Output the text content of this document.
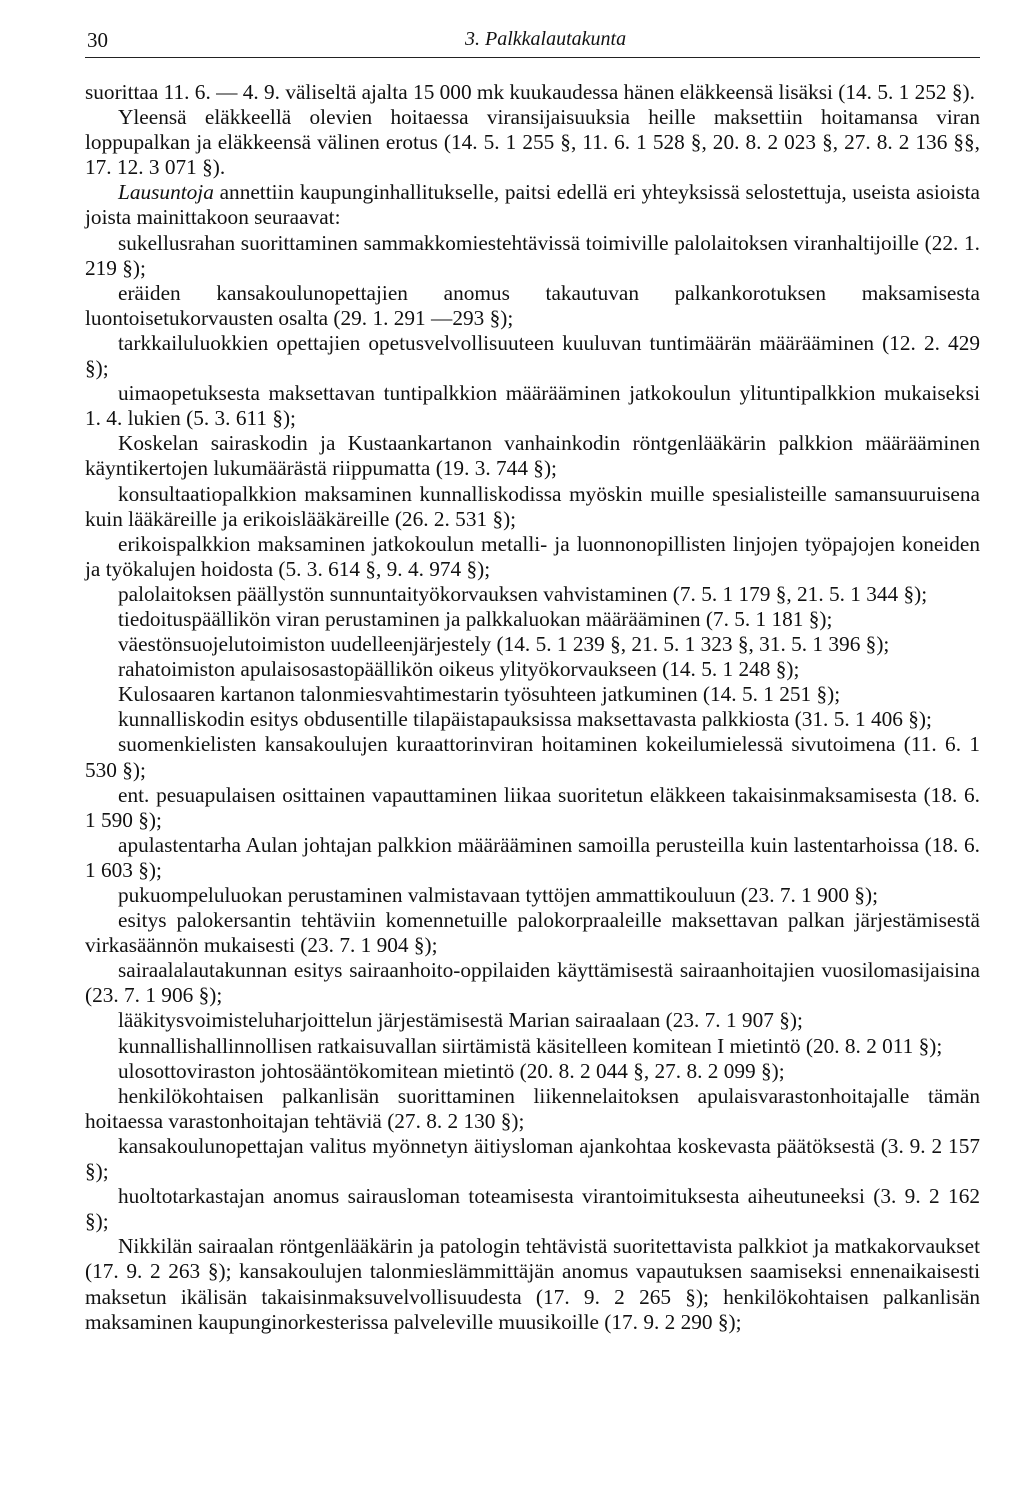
30	3. Palkkalautakunta

suorittaa 11. 6. — 4. 9. väliseltä ajalta 15 000 mk kuukaudessa hänen eläkkeensä lisäksi (14. 5. 1 252 §).

Yleensä eläkkeellä olevien hoitaessa viransijaisuuksia heille maksettiin hoitamansa viran loppupalkan ja eläkkeensä välinen erotus (14. 5. 1 255 §, 11. 6. 1 528 §, 20. 8. 2 023 §, 27. 8. 2 136 §§, 17. 12. 3 071 §).

Lausuntoja annettiin kaupunginhallitukselle, paitsi edellä eri yhteyksissä selostettuja, useista asioista joista mainittakoon seuraavat:

sukellusrahan suorittaminen sammakkomiestehtävissä toimiville palolaitoksen viranhaltijoille (22. 1. 219 §);

eräiden kansakoulunopettajien anomus takautuvan palkankorotuksen maksamisesta luontoisetukorvausten osalta (29. 1. 291 —293 §);

tarkkailuluokkien opettajien opetusvelvollisuuteen kuuluvan tuntimäärän määrääminen (12. 2. 429 §);

uimaopetuksesta maksettavan tuntipalkkion määrääminen jatkokoulun ylituntipalkkion mukaiseksi 1. 4. lukien (5. 3. 611 §);

Koskelan sairaskodin ja Kustaankartanon vanhainkodin röntgenlääkärin palkkion määrääminen käyntikertojen lukumäärästä riippumatta (19. 3. 744 §);

konsultaatiopalkkion maksaminen kunnalliskodissa myöskin muille spesialisteille samansuuruisena kuin lääkäreille ja erikoislääkäreille (26. 2. 531 §);

erikoispalkkion maksaminen jatkokoulun metalli- ja luonnonopillisten linjojen työpajojen koneiden ja työkalujen hoidosta (5. 3. 614 §, 9. 4. 974 §);

palolaitoksen päällystön sunnuntaityökorvauksen vahvistaminen (7. 5. 1 179 §, 21. 5. 1 344 §);

tiedoituspäällikön viran perustaminen ja palkkaluokan määrääminen (7. 5. 1 181 §);

väestönsuojelutoimiston uudelleenjärjestely (14. 5. 1 239 §, 21. 5. 1 323 §, 31. 5. 1 396 §);

rahatoimiston apulaisosastopäällikön oikeus ylityökorvaukseen (14. 5. 1 248 §);

Kulosaaren kartanon talonmiesvahtimestarin työsuhteen jatkuminen (14. 5. 1 251 §);

kunnalliskodin esitys obdusentille tilapäistapauksissa maksettavasta palkkiosta (31. 5. 1 406 §);

suomenkielisten kansakoulujen kuraattorinviran hoitaminen kokeilumielessä sivutoimena (11. 6. 1 530 §);

ent. pesuapulaisen osittainen vapauttaminen liikaa suoritetun eläkkeen takaisinmaksamisesta (18. 6. 1 590 §);

apulastentarha Aulan johtajan palkkion määrääminen samoilla perusteilla kuin lastentarhoissa (18. 6. 1 603 §);

pukuompeluluokan perustaminen valmistavaan tyttöjen ammattikouluun (23. 7. 1 900 §);

esitys palokersantin tehtäviin komennetuille palokorpraaleille maksettavan palkan järjestämisestä virkasäännön mukaisesti (23. 7. 1 904 §);

sairaalalautakunnan esitys sairaanhoito-oppilaiden käyttämisestä sairaanhoitajien vuosilomasijaisina (23. 7. 1 906 §);

lääkitysvoimisteluharjoittelun järjestämisestä Marian sairaalaan (23. 7. 1 907 §);

kunnallishallinnollisen ratkaisuvallan siirtämistä käsitelleen komitean I mietintö (20. 8. 2 011 §);

ulosottoviraston johtosääntökomitean mietintö (20. 8. 2 044 §, 27. 8. 2 099 §);

henkilökohtaisen palkanlisän suorittaminen liikennelaitoksen apulaisvarastonhoitajalle tämän hoitaessa varastonhoitajan tehtäviä (27. 8. 2 130 §);

kansakoulunopettajan valitus myönnetyn äitiysloman ajankohtaa koskevasta päätöksestä (3. 9. 2 157 §);

huoltotarkastajan anomus sairausloman toteamisesta virantoimituksesta aiheutuneeksi (3. 9. 2 162 §);

Nikkilän sairaalan röntgenlääkärin ja patologin tehtävistä suoritettavista palkkiot ja matkakorvaukset (17. 9. 2 263 §); kansakoulujen talonmieslämmittäjän anomus vapautuksen saamiseksi ennenaikaisesti maksetun ikälisän takaisinmaksuvelvollisuudesta (17. 9. 2 265 §); henkilökohtaisen palkanlisän maksaminen kaupunginorkesterissa palveleville muusikoille (17. 9. 2 290 §);
